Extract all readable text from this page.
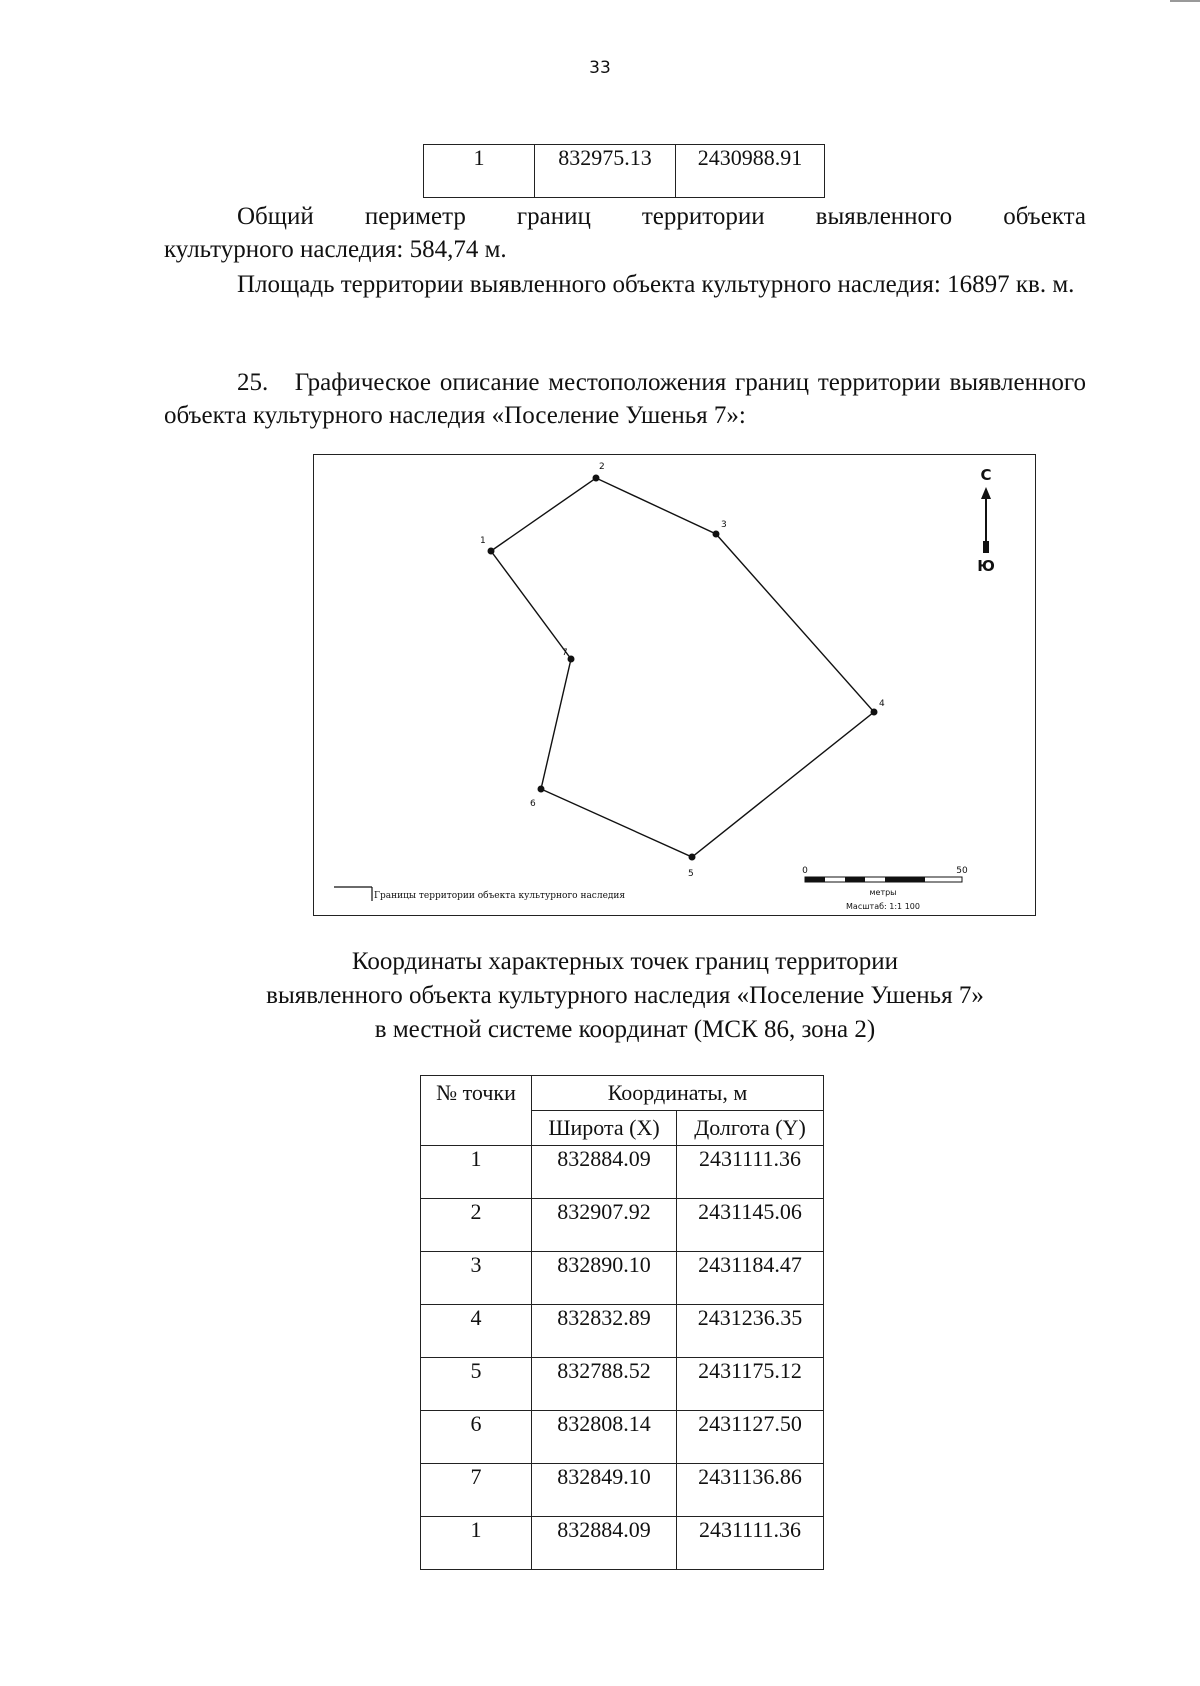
33
1	832975.13	2430988.91
Общий периметр границ территории выявленного объекта
культурного наследия: 584,74 м.
Площадь территории выявленного объекта культурного наследия: 16897 кв. м.
25. Графическое описание местоположения границ территории выявленного объекта культурного наследия «Поселение Ушенья 7»:
1
2
3
4
5
6
7
С
Ю
Границы территории объекта культурного наследия
0	50
метры
Масштаб: 1:1 100
Координаты характерных точек границ территории
выявленного объекта культурного наследия «Поселение Ушенья 7»
в местной системе координат (МСК 86, зона 2)
№ точки	Координаты, м	
	Широта (X)	Долгота (Y)
1	832884.09	2431111.36
2	832907.92	2431145.06
3	832890.10	2431184.47
4	832832.89	2431236.35
5	832788.52	2431175.12
6	832808.14	2431127.50
7	832849.10	2431136.86
1	832884.09	2431111.36
